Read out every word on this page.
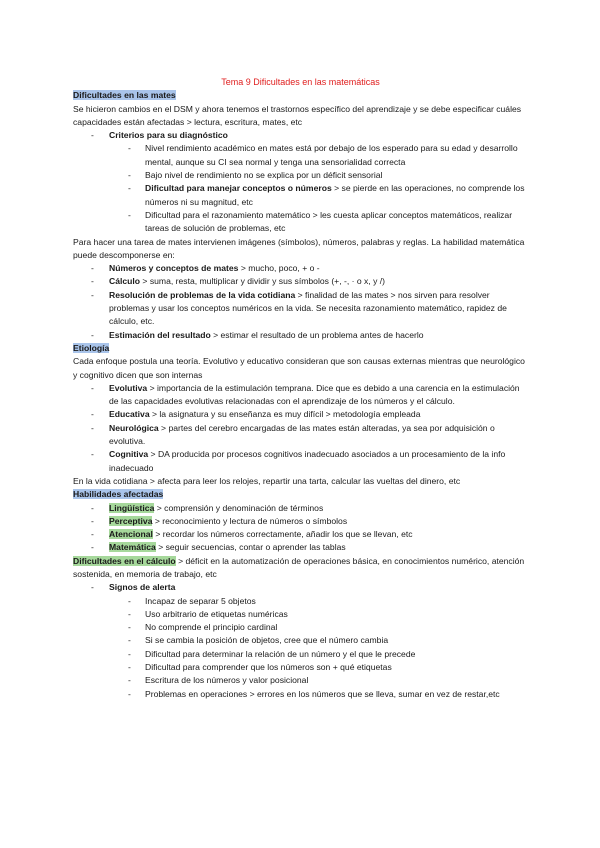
Tema 9 Dificultades en las matemáticas
Dificultades en las mates

Se hicieron cambios en el DSM y ahora tenemos el trastornos específico del aprendizaje y se debe especificar cuáles capacidades están afectadas > lectura, escritura, mates, etc

-	Criterios para su diagnóstico
-	Nivel rendimiento académico en mates está por debajo de los esperado para su edad y desarrollo mental, aunque su CI sea normal y tenga una sensorialidad correcta
-	Bajo nivel de rendimiento no se explica por un déficit sensorial
-	Dificultad para manejar conceptos o números > se pierde en las operaciones, no comprende los números ni su magnitud, etc
-	Dificultad para el razonamiento matemático > les cuesta aplicar conceptos matemáticos, realizar tareas de solución de problemas, etc

Para hacer una tarea de mates intervienen imágenes (símbolos), números, palabras y reglas. La habilidad matemática puede descomponerse en:

-	Números y conceptos de mates > mucho, poco, + o -
-	Cálculo > suma, resta, multiplicar y dividir y sus símbolos (+, -, · o x, y /)
-	Resolución de problemas de la vida cotidiana > finalidad de las mates > nos sirven para resolver problemas y usar los conceptos numéricos en la vida. Se necesita razonamiento matemático, rapidez de cálculo, etc.
-	Estimación del resultado > estimar el resultado de un problema antes de hacerlo
Etiología

Cada enfoque postula una teoría. Evolutivo y educativo consideran que son causas externas mientras que neurológico y cognitivo dicen que son internas

-	Evolutiva > importancia de la estimulación temprana. Dice que es debido a una carencia en la estimulación de las capacidades evolutivas relacionadas con el aprendizaje de los números y el cálculo.
-	Educativa > la asignatura y su enseñanza es muy difícil > metodología empleada
-	Neurológica > partes del cerebro encargadas de las mates están alteradas, ya sea por adquisición o evolutiva.
-	Cognitiva > DA producida por procesos cognitivos inadecuado asociados a un procesamiento de la info inadecuado

En la vida cotidiana > afecta para leer los relojes, repartir una tarta, calcular las vueltas del dinero, etc

Habilidades afectadas
-	Lingüística > comprensión y denominación de términos
-	Perceptiva > reconocimiento y lectura de números o símbolos
-	Atencional > recordar los números correctamente, añadir los que se llevan, etc
-	Matemática > seguir secuencias, contar o aprender las tablas

Dificultades en el cálculo > déficit en la automatización de operaciones básica, en conocimientos numérico, atención sostenida, en memoria de trabajo, etc

-	Signos de alerta
-	Incapaz de separar 5 objetos
-	Uso arbitrario de etiquetas numéricas
-	No comprende el principio cardinal
-	Si se cambia la posición de objetos, cree que el número cambia
-	Dificultad para determinar la relación de un número y el que le precede
-	Dificultad para comprender que los números son + qué etiquetas
-	Escritura de los números y valor posicional
-	Problemas en operaciones > errores en los números que se lleva, sumar en vez de restar,etc
